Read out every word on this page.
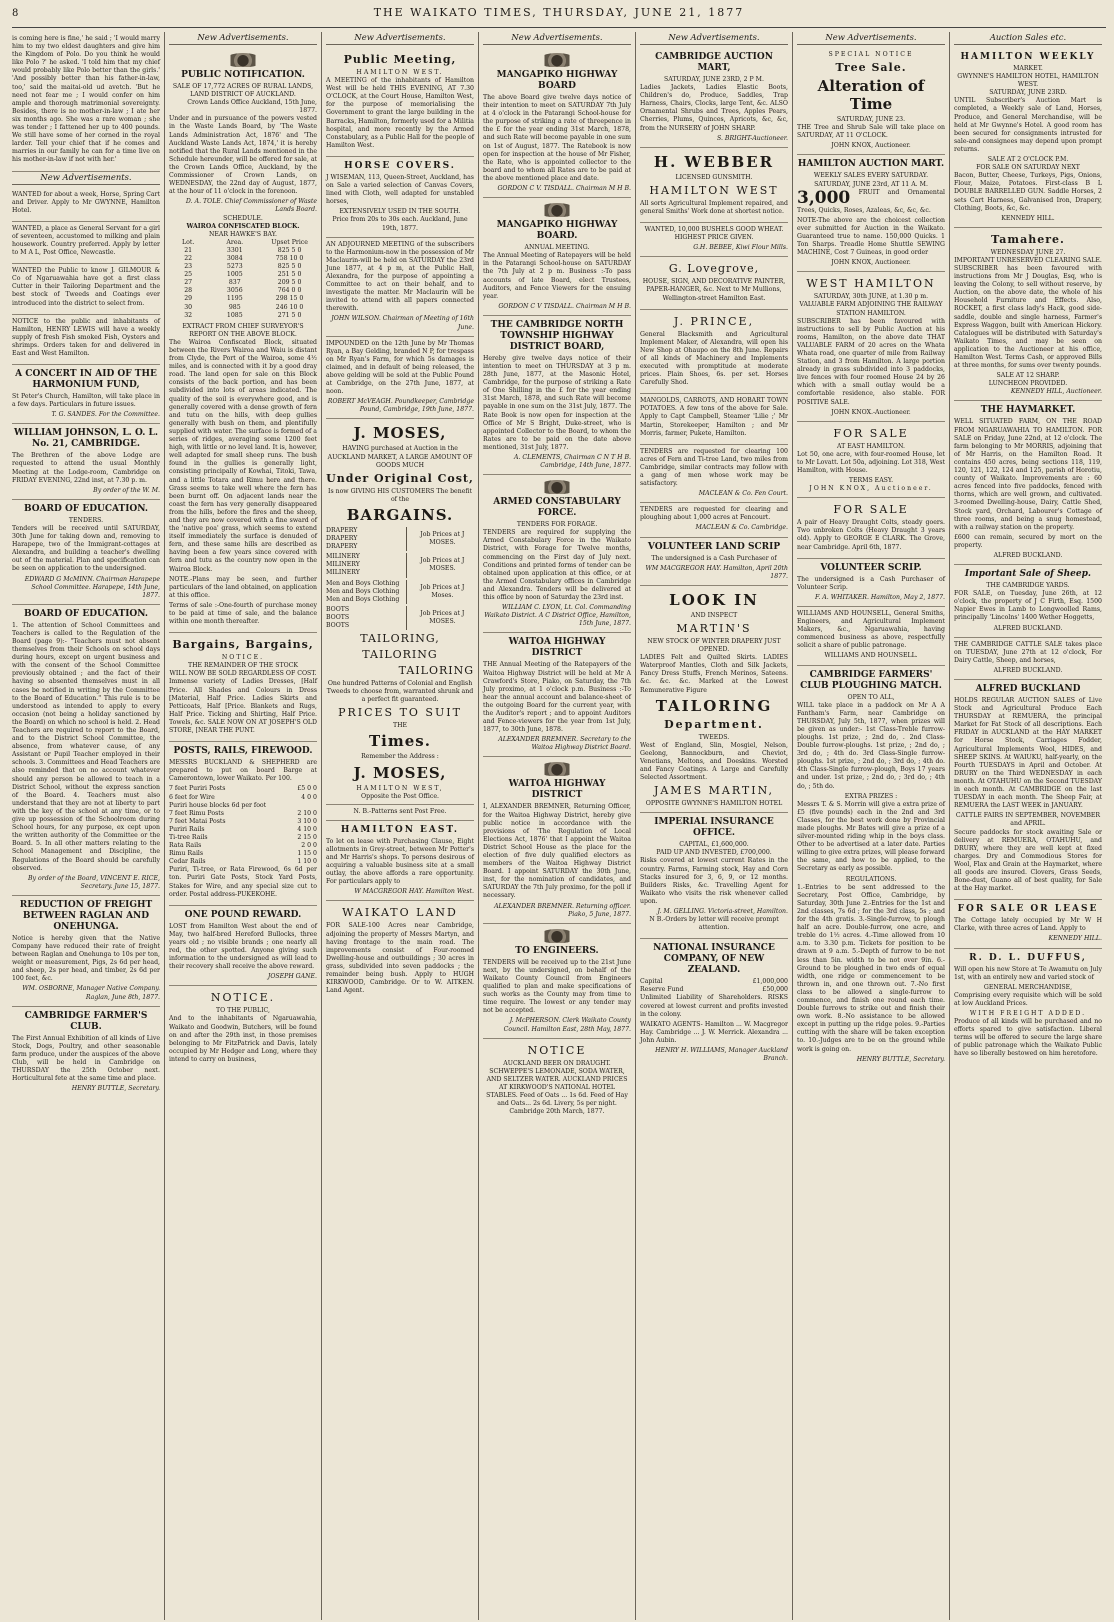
8	THE WAIKATO TIMES, THURSDAY, JUNE 21, 1877

is coming here is fine,' he said ; 'I would marry him to my two eldest daughters and give him the Kingdom of Polo. Do you think he would like Polo ?' he asked. 'I told him that my chief would probably like Polo better than the girls.' 'And possibly better than his father-in-law, too,' said the maitai-old ud avetch. 'But he need not fear me ; I would confer on him ample and thorough matrimonial sovereignty. Besides, there is no mother-in-law ; I ate her six months ago. She was a rare woman ; she was tender ; I fattened her up to 400 pounds. We still have some of her corned in the royal larder. Tell your chief that if he comes and marries in our family he can for a time live on his mother-in-law if not with her.'

New Advertisements.

WANTED for about a week, Horse, Spring Cart and Driver. Apply to Mr GWYNNE, Hamilton Hotel.

WANTED, a place as General Servant for a girl of seventeen, accustomed to milking and plain housework. Country preferred. Apply by letter to M A L, Post Office, Newcastle.

WANTED the Public to know J. GILMOUR & Co of Ngaruawahia have got a first class Cutter in their Tailoring Department and the best stock of Tweeds and Coatings ever introduced into the district to select from.

NOTICE to the public and inhabitants of Hamilton, HENRY LEWIS will have a weekly supply of fresh Fish smoked Fish, Oysters and shrimps. Orders taken for and delivered in East and West Hamilton.

A CONCERT IN AID OF THE HARMONIUM FUND,

St Peter's Church, Hamilton, will take place in a few days. Particulars in future issues.

T. G. SANDES. For the Committee.
WILLIAM JOHNSON, L. O. L. No. 21, CAMBRIDGE.

The Brethren of the above Lodge are requested to attend the usual Monthly Meeting at the Lodge-room, Cambridge on FRIDAY EVENING, 22nd inst, at 7.30 p. m.

By order of the W. M.
BOARD OF EDUCATION.
TENDERS.

Tenders will be received until SATURDAY, 30th June for taking down and, removing to Harapepe, two of the Immigrant-cottages at Alexandra, and building a teacher's dwelling out of the material. Plan and specification can be seen on application to the undersigned.

EDWARD G McMINN. Chairman Harapepe School Committee. Harapepe, 14th June, 1877.
BOARD OF EDUCATION.

1. The attention of School Committees and Teachers is called to the Regulation of the Board (page 9):- "Teachers must not absent themselves from their Schools on school days during hours, except on urgent business and with the consent of the School Committee previously obtained ; and the fact of their having so absented themselves must in all cases be notified in writing by the Committee to the Board of Education." This rule is to be understood as intended to apply to every occasion (not being a holiday sanctioned by the Board) on which no school is held. 2. Head Teachers are required to report to the Board, and to the District School Committee, the absence, from whatever cause, of any Assistant or Pupil Teacher employed in their schools. 3. Committees and Head Teachers are also reminded that on no account whatever should any person be allowed to teach in a District School, without the express sanction of the Board. 4. Teachers must also understand that they are not at liberty to part with the key of the school at any time, or to give up possession of the Schoolroom during School hours, for any purpose, ex cept upon the written authority of the Committee or the Board. 5. In all other matters relating to the School Management and Discipline, the Regulations of the Board should be carefully observed.

By order of the Board, VINCENT E. RICE, Secretary. June 15, 1877.
REDUCTION OF FREIGHT BETWEEN RAGLAN AND ONEHUNGA.

Notice is hereby given that the Native Company have reduced their rate of freight between Raglan and Onehunga to 10s per ton, weight or measurement, Pigs, 2s 6d per head, and sheep, 2s per head, and timber, 2s 6d per 100 feet, &c.

WM. OSBORNE, Manager Native Company. Raglan, June 8th, 1877.
CAMBRIDGE FARMER'S CLUB.

The First Annual Exhibition of all kinds of Live Stock, Dogs, Poultry, and other seasonable farm produce, under the auspices of the above Club, will be held in Cambridge on THURSDAY the 25th October next. Horticultural fete at the same time and place.

HENRY BUTTLE, Secretary.
New Advertisements.
PUBLIC NOTIFICATION.
SALE OF 17,772 ACRES OF RURAL LANDS,
LAND DISTRICT OF AUCKLAND.
Crown Lands Office Auckland, 15th June, 1877.

Under and in pursuance of the powers vested in the Waste Lands Board, by 'The Waste Lands Administration Act, 1876' and 'The Auckland Waste Lands Act, 1874,' it is hereby notified that the Rural Lands mentioned in the Schedule hereunder, will be offered for sale, at the Crown Lands Office, Auckland, by the Commissioner of Crown Lands, on WEDNESDAY, the 22nd day of August, 1877, at the hour of 11 o'clock in the forenoon.

D. A. TOLE. Chief Commissioner of Waste Lands Board.
SCHEDULE.
WAIROA CONFISCATED BLOCK.
NEAR HAWKE'S BAY.
Lot.	Area.	Upset Price
21	3301	825 5 0
22	3084	758 10 0
23	5273	825 5 0
25	1005	251 5 0
27	837	209 5 0
28	3056	764 0 0
29	1195	298 15 0
30	985	246 10 0
32	1085	271 5 0
EXTRACT FROM CHIEF SURVEYOR'S REPORT ON THE ABOVE BLOCK.

The Wairoa Confiscated Block, situated between the Rivers Wairoa and Waiu is distant from Clyde, the Port of the Wairoa, some 4½ miles, and is connected with it by a good dray road. The land open for sale on this Block consists of the back portion, and has been subdivided into lots of areas indicated. The quality of the soil is everywhere good, and is generally covered with a dense growth of fern and tutu on the hills, with deep gullies generally with bush on them, and plentifully supplied with water. The surface is formed of a series of ridges, averaging some 1200 feet high, with little or no level land. It is, however, well adapted for small sheep runs. The bush found in the gullies is generally light, consisting principally of Kowhai, Titoki, Tawa, and a little Totara and Rimu here and there. Grass seems to take well where the fern has been burnt off. On adjacent lands near the coast the fern has very generally disappeared from the hills, before the fires and the sheep, and they are now covered with a fine sward of the 'native poa' grass, which seems to extend itself immediately the surface is denuded of fern, and these same hills are described as having been a few years since covered with fern and tutu as the country now open in the Wairoa Block.

NOTE.-Plans may be seen, and further particulars of the land obtained, on application at this office.

Terms of sale :-One-fourth of purchase money to be paid at time of sale, and the balance within one month thereafter.

Bargains, Bargains,
NOTICE.
THE REMAINDER OF THE STOCK
WILL NOW BE SOLD REGARDLESS OF COST.

Immense variety of Ladies Dresses, [Half Price. All Shades and Colours in Dress [Material, Half Price. Ladies Skirts and Petticoats, Half [Price. Blankets and Rugs, Half Price. Ticking and Shirting, Half Price. Towels, &c. SALE NOW ON AT JOSEPH'S OLD STORE, [NEAR THE PUNT.

POSTS, RAILS, FIREWOOD.

MESSRS BUCKLAND & SHEPHERD are prepared to put on board Barge at Camerontown, lower Waikato. Per 100.

7 feet Puriri Posts	£5 0 0
6 feet for Wire	4 0 0
Puriri house blocks 6d per foot
7 feet Rimu Posts	2 10 0
7 feet Matai Posts	3 10 0
Puriri Rails	4 10 0
Ti-tree Rails	2 15 0
Rata Rails	2 0 0
Rimu Rails	1 15 0
Cedar Rails	1 10 0

Puriri, Ti-tree, or Rata Firewood, 6s 6d per ton. Puriri Gate Posts, Stock Yard Posts, Stakes for Wire, and any special size cut to order. Postal address-PUKEKOHE.

ONE POUND REWARD.

LOST from Hamilton West about the end of May, two half-bred Hereford Bullocks, three years old ; no visible brands ; one nearly all red, the other spotted. Anyone giving such information to the undersigned as will lead to their recovery shall receive the above reward.

JOSEPH GANE.
NOTICE.
TO THE PUBLIC,

And to the inhabitants of Ngaruawahia, Waikato and Goodwin, Butchers, will be found on and after the 29th inst, in those premises belonging to Mr FitzPatrick and Davis, lately occupied by Mr Hedger and Long, where they intend to carry on business,

New Advertisements.
Public Meeting,
HAMILTON WEST.

A MEETING of the inhabitants of Hamilton West will be held THIS EVENING, AT 7.30 O'CLOCK, at the Court House, Hamilton West, for the purpose of memorialising the Government to grant the large building in the Barracks, Hamilton, formerly used for a Militia hospital, and more recently by the Armed Constabulary, as a Public Hall for the people of Hamilton West.

HORSE COVERS.

J WISEMAN, 113, Queen-Street, Auckland, has on Sale a varied selection of Canvas Covers, lined with Cloth, well adapted for unstabled horses,

EXTENSIVELY USED IN THE SOUTH.
Price from 20s to 30s each. Auckland, June 19th, 1877.

AN ADJOURNED MEETING of the subscribers to the Harmonium-now in the possession of Mr Maclaurin-will be held on SATURDAY the 23rd June 1877, at 4 p m, at the Public Hall, Alexandra, for the purpose of appointing a Committee to act on their behalf, and to investigate the matter. Mr Maclaurin will be invited to attend with all papers connected therewith.

JOHN WILSON. Chairman of Meeting of 16th June.

IMPOUNDED on the 12th June by Mr Thomas Ryan, a Bay Gelding, branded N P, for trespass on Mr Ryan's Farm, for which 5s damages is claimed, and in default of being released, the above gelding will be sold at the Public Pound at Cambridge, on the 27th June, 1877, at noon.

ROBERT McVEAGH. Poundkeeper, Cambridge Pound, Cambridge, 19th June, 1877.
J. MOSES,

HAVING purchased at Auction in the AUCKLAND MARKET, A LARGE AMOUNT OF GOODS MUCH

Under Original Cost,

Is now GIVING HIS CUSTOMERS The benefit of the

BARGAINS.
DRAPERY
DRAPERY
DRAPERY
Job Prices at J MOSES.
MILINERY
MILINERY
MILINERY
Job Prices at J MOSES.
Men and Boys Clothing
Men and Boys Clothing
Men and Boys Clothing
Job Prices at J Moses.
BOOTS
BOOTS
BOOTS
Job Prices at J MOSES.
TAILORING,
TAILORING
TAILORING

One hundred Patterns of Colonial and English Tweeds to choose from, warranted shrunk and a perfect fit guaranteed.

PRICES TO SUIT
THE
Times.
Remember the Address :
J. MOSES,
HAMILTON WEST,
Opposite the Post Office.
N. B.-Patterns sent Post Free.
HAMILTON EAST.

To let on lease with Purchasing Clause, Eight allotments in Grey-street, between Mr Potter's and Mr Harris's shops. To persons desirous of acquiring a valuable business site at a small outlay, the above affords a rare opportunity. For particulars apply to

W MACGREGOR HAY. Hamilton West.
WAIKATO LAND

FOR SALE-100 Acres near Cambridge, adjoining the property of Messrs Martyn, and having frontage to the main road. The improvements consist of Four-roomed Dwelling-house and outbuildings ; 30 acres in grass, subdivided into seven paddocks ; the remainder being bush. Apply to HUGH KIRKWOOD, Cambridge. Or to W. AITKEN. Land Agent.

New Advertisements.
MANGAPIKO HIGHWAY BOARD

The above Board give twelve days notice of their intention to meet on SATURDAY 7th July at 4 o'clock in the Patarangi School-house for the purpose of striking a rate of threepence in the £ for the year ending 31st March, 1878, and such Rate will become payable in one sum on 1st of August, 1877. The Ratebook is now open for inspection at the house of Mr Fisher, the Rate, who is appointed collector to the board and to whom all Rates are to be paid at the above mentioned place and date.

GORDON C V. TISDALL. Chairman M H B.
MANGAPIKO HIGHWAY BOARD.
ANNUAL MEETING.

The Annual Meeting of Ratepayers will be held in the Patarangi School-house on SATURDAY the 7th July at 2 p m. Business :-To pass accounts of late Board, elect Trustees, Auditors, and Fence Viewers for the ensuing year.

GORDON C V TISDALL. Chairman M H B.
THE CAMBRIDGE NORTH TOWNSHIP HIGHWAY DISTRICT BOARD,

Hereby give twelve days notice of their intention to meet on THURSDAY at 3 p m. 28th June, 1877, at the Masonic Hotel, Cambridge, for the purpose of striking a Rate of One Shilling in the £ for the year ending 31st March, 1878, and such Rate will become payable in one sum on the 31st July, 1877. The Rate Book is now open for inspection at the Office of Mr S Bright, Duke-street, who is appointed Collector to the Board, to whom the Rates are to be paid on the date above mentioned, 31st July, 1877.

A. CLEMENTS, Chairman C N T H B. Cambridge, 14th June, 1877.
ARMED CONSTABULARY FORCE.
TENDERS FOR FORAGE.

TENDERS are required for supplying the Armed Constabulary Force in the Waikato District, with Forage for Twelve months, commencing on the First day of July next. Conditions and printed forms of tender can be obtained upon application at this office, or at the Armed Constabulary offices in Cambridge and Alexandra. Tenders will be delivered at this office by noon of Saturday the 23rd inst.

WILLIAM C. LYON, Lt. Col. Commanding Waikato District. A C District Office, Hamilton, 15th June, 1877.
WAITOA HIGHWAY DISTRICT

THE Annual Meeting of the Ratepayers of the Waitoa Highway District will be held at Mr A Crawford's Store, Piako, on Saturday, the 7th July proximo, at 1 o'clock p.m. Business :-To hear the annual account and balance-sheet of the outgoing Board for the current year, with the Auditor's report ; and to appoint Auditors and Fence-viewers for the year from 1st July, 1877, to 30th June, 1878.

ALEXANDER BREMNER. Secretary to the Waitoa Highway District Board.
WAITOA HIGHWAY DISTRICT

I, ALEXANDER BREMNER, Returning Officer, for the Waitoa Highway District, hereby give public notice in accordance with the provisions of 'The Regulation of Local Elections Act, 1876' that I appoint the Waitoa District School House as the place for the election of five duly qualified electors as members of the Waitoa Highway District Board. I appoint SATURDAY the 30th June, inst, for the nomination of candidates, and SATURDAY the 7th July proximo, for the poll if necessary.

ALEXANDER BREMNER. Returning officer. Piako, 5 June, 1877.
TO ENGINEERS.

TENDERS will be received up to the 21st June next, by the undersigned, on behalf of the Waikato County Council from Engineers qualified to plan and make specifications of such works as the County may from time to time require. The lowest or any tender may not be accepted.

J. McPHERSON. Clerk Waikato County Council. Hamilton East, 28th May, 1877.
NOTICE

AUCKLAND BEER ON DRAUGHT. SCHWEPPE'S LEMONADE, SODA WATER, AND SELTZER WATER. AUCKLAND PRICES AT KIRKWOOD'S NATIONAL HOTEL STABLES. Feed of Oats ... 1s 6d. Feed of Hay and Oats... 2s 6d. Livery, 5s per night. Cambridge 20th March, 1877.

New Advertisements.
CAMBRIDGE AUCTION MART,
SATURDAY, JUNE 23RD, 2 P M.

Ladies Jackets, Ladies Elastic Boots, Children's do, Produce, Saddles, Trap Harness, Chairs, Clocks, large Tent, &c. ALSO Ornamental Shrubs and Trees, Apples Pears, Cherries, Plums, Quinces, Apricots, &c, &c, from the NURSERY of JOHN SHARP.

S. BRIGHT-Auctioneer.
H. WEBBER
LICENSED GUNSMITH.
HAMILTON WEST

All sorts Agricultural Implement repaired, and general Smiths' Work done at shortest notice.

WANTED, 10,000 BUSHELS GOOD WHEAT. HIGHEST PRICE GIVEN.

G.H. BEBEE, Kiwi Flour Mills.
G. Lovegrove,

HOUSE, SIGN, AND DECORATIVE PAINTER, PAPER-HANGER, &c. Next to Mr Mullions, Wellington-street Hamilton East.

J. PRINCE,

General Blacksmith and Agricultural Implement Maker, of Alexandra, will open his New Shop at Ohaupo on the 8th June. Repairs of all kinds of Machinery and Implements executed with promptitude at moderate prices. Plain Shoes, 6s. per set. Horses Carefully Shod.

MANGOLDS, CARROTS, AND HOBART TOWN POTATOES. A few tons of the above for Sale. Apply to Capt Campbell, Steamer 'Lilie ;' Mr Martin, Storekeeper, Hamilton ; and Mr Morris, farmer, Pukete, Hamilton.

TENDERS are requested for clearing 100 acres of Fern and Ti-tree Land, two miles from Cambridge, similar contracts may follow with a gang of men whose work may be satisfactory.

MACLEAN & Co. Fen Court.

TENDERS are requested for clearing and ploughing about 1,000 acres at Fencourt.

MACLEAN & Co. Cambridge.
VOLUNTEER LAND SCRIP

The undersigned is a Cash Purchaser of

WM MACGREGOR HAY. Hamilton, April 20th 1877.
LOOK IN
AND INSPECT
MARTIN'S
NEW STOCK OF WINTER DRAPERY JUST OPENED.

LADIES Felt and Quilted Skirts. LADIES Waterproof Mantles, Cloth and Silk Jackets, Fancy Dress Stuffs, French Merinos, Sateens. &c. &c. &c. Marked at the Lowest Remunerative Figure

TAILORING
Department.
TWEEDS.

West of England, Slin, Mosgiel, Nelson, Geelong, Bannockburn, and Cheviot, Venetians, Meltons, and Doeskins. Worsted and Fancy Coatings. A Large and Carefully Selected Assortment.

JAMES MARTIN,
OPPOSITE GWYNNE'S HAMILTON HOTEL
IMPERIAL INSURANCE OFFICE.
CAPITAL, £1,600,000.
PAID UP AND INVESTED, £700,000.

Risks covered at lowest current Rates in the country. Farms, Farming stock, Hay and Corn Stacks insured for 3, 6, 9, or 12 months. Builders Risks, &c. Travelling Agent for Waikato who visits the risk whenever called upon.

J. M. GELLING. Victoria-street, Hamilton.

N B.-Orders by letter will receive prompt attention.

NATIONAL INSURANCE COMPANY, OF NEW ZEALAND.
Capital	£1,000,000
Reserve Fund	£50,000

Unlimited Liability of Shareholders. RISKS covered at lowest current and profits invested in the colony.

WAIKATO AGENTS- Hamilton ... W. Macgregor Hay. Cambridge ... J. W. Merrick. Alexandra ... John Aubin.

HENRY H. WILLIAMS, Manager Auckland Branch.
New Advertisements.
SPECIAL NOTICE
Tree Sale.
Alteration of Time
SATURDAY, JUNE 23.

THE Tree and Shrub Sale will take place on SATURDAY, AT 11 O'CLOCK.

JOHN KNOX, Auctioneer.
HAMILTON AUCTION MART.
WEEKLY SALES EVERY SATURDAY.
SATURDAY, JUNE 23rd, AT 11 A. M.

3,000 FRUIT and Ornamental Trees, Quicks, Roses, Azaleas, &c, &c, &c.

NOTE-The above are the choicest collection ever submitted for Auction in the Waikato. Guaranteed true to name. 150,000 Quicks. 1 Ton Sharps. Treadle Home Shuttle SEWING MACHINE, Cost 7 Guineas, in good order

JOHN KNOX, Auctioneer.
WEST HAMILTON
SATURDAY, 30th JUNE, at 1.30 p m.
VALUABLE FARM ADJOINING THE RAILWAY STATION HAMILTON.

SUBSCRIBER has been favoured with instructions to sell by Public Auction at his rooms, Hamilton, on the above date THAT VALUABLE FARM of 20 acres on the Whata Whata road, one quarter of mile from Railway Station, and 3 from Hamilton. A large portion already in grass subdivided into 3 paddocks, live fences with four roomed House 24 by 26 which with a small outlay would be a comfortable residence, also stable. FOR POSITIVE SALE.

JOHN KNOX.-Auctioneer.
FOR SALE
AT EAST HAMILTON.

Lot 50, one acre, with four-roomed House, let to Mr Lovatt. Lot 50a, adjoining. Lot 318, West Hamilton, with House.

TERMS EASY.
JOHN KNOX, Auctioneer.
FOR SALE

A pair of Heavy Draught Colts, steady goers. Two unbroken Colts (Heavy Draught 3 years old). Apply to GEORGE E CLARK. The Grove, near Cambridge. April 6th, 1877.

VOLUNTEER SCRIP.

The undersigned is a Cash Purchaser of Volunteer Scrip.

F. A. WHITAKER. Hamilton, May 2, 1877.

WILLIAMS AND HOUNSELL, General Smiths, Engineers, and Agricultural Implement Makers, &c., Ngaruawahia, having commenced business as above, respectfully solicit a share of public patronage.

WILLIAMS AND HOUNSELL.
CAMBRIDGE FARMERS' CLUB PLOUGHING MATCH.
OPEN TO ALL,

WILL take place in a paddock on Mr A A Fantham's Farm, near Cambridge on THURSDAY, July 5th, 1877, when prizes will be given as under:- 1st Class-Treble furrow-ploughs. 1st prize, ; 2nd do, . 2nd Class-Double furrow-ploughs. 1st prize, ; 2nd do, ; 3rd do, ; 4th do. 3rd Class-Single furrow-ploughs. 1st prize, ; 2nd do, ; 3rd do, ; 4th do. 4th Class-Single furrow-plough, Boys 17 years and under. 1st prize, ; 2nd do, ; 3rd do, ; 4th do, ; 5th do.

EXTRA PRIZES :

Messrs T. & S. Morrin will give a extra prize of £5 (five pounds) each in the 2nd and 3rd Classes, for the best work done by Provincial made ploughs. Mr Bates will give a prize of a silver-mounted riding whip in the boys class. Other to be advertised at a later date. Parties willing to give extra prizes, will please forward the same, and how to be applied, to the Secretary as early as possible.

REGULATIONS.

1.-Entries to be sent addressed to the Secretary, Post Office, Cambridge, by Saturday, 30th June 2.-Entries for the 1st and 2nd classes, 7s 6d ; for the 3rd class, 5s ; and for the 4th gratis. 3.-Single-furrow, to plough half an acre. Double-furrow, one acre, and treble do 1½ acres. 4.-Time allowed from 10 a.m. to 3.30 p.m. Tickets for position to be drawn at 9 a.m. 5.-Depth of furrow to be not less than 5in. width to be not over 9in. 6.-Ground to be ploughed in two ends of equal width, one ridge or commencement to be thrown in, and one thrown out. 7.-No first class to be allowed a single-furrow to commence, and finish one round each time. Double furrows to strike out and finish their own work. 8.-No assistance to be allowed except in putting up the ridge poles. 9.-Parties cutting with the share will be taken exception to. 10.-Judges are to be on the ground while work is going on.

HENRY BUTTLE, Secretary.
Auction Sales etc.
HAMILTON WEEKLY
MARKET.
GWYNNE'S HAMILTON HOTEL, HAMILTON WEST.
SATURDAY, JUNE 23RD.

UNTIL Subscriber's Auction Mart is completed, a Weekly sale of Land, Horses, Produce, and General Merchandise, will be held at Mr Gwynne's Hotel. A good room has been secured for consignments intrusted for sale-and consignees may depend upon prompt returns.

SALE AT 2 O'CLOCK P.M.
FOR SALE ON SATURDAY NEXT

Bacon, Butter, Cheese, Turkeys, Pigs, Onions, Flour, Maize, Potatoes. First-class B L DOUBLE BARRELLED GUN. Saddle Horses, 2 sets Cart Harness, Galvanised Iron, Drapery, Clothing, Boots, &c, &c.

KENNEDY HILL.
Tamahere.
WEDNESDAY JUNE 27.
IMPORTANT UNRESERVED CLEARING SALE.

SUBSCRIBER has been favoured with instructions from Mr J Douglas, Esq, who is leaving the Colony, to sell without reserve, by Auction, on the above date, the whole of his Household Furniture and Effects. Also, ROCKET, a first class lady's Hack, good side-saddle, double and single harness, Farmer's Express Waggon, built with American Hickory. Catalogues will be distributed with Saturday's Waikato Times, and may be seen on application to the Auctioneer at his office, Hamilton West. Terms Cash, or approved Bills at three months, for sums over twenty pounds.

SALE AT 12 SHARP.
LUNCHEON PROVIDED.
KENNEDY HILL, Auctioneer.
THE HAYMARKET.

WELL SITUATED FARM, ON THE ROAD FROM NGARUAWAHIA TO HAMILTON. FOR SALE on Friday, June 22nd, at 12 o'clock. The farm belonging to Mr MORRIS, adjoining that of Mr Harris, on the Hamilton Road. It contains 450 acres, being sections 118, 119, 120, 121, 122, 124 and 125, parish of Horotiu, county of Waikato. Improvements are : 60 acres fenced into five paddocks, fenced with thorns, which are well grown, and cultivated. 3-roomed Dwelling-house, Dairy, Cattle Shed, Stock yard, Orchard, Labourer's Cottage of three rooms, and being a snug homestead, with a railway station on the property.

£600 can remain, secured by mort on the property.

ALFRED BUCKLAND.
Important Sale of Sheep.
THE CAMBRIDGE YARDS.

FOR SALE, on Tuesday, June 26th, at 12 o'clock, the property of J C Firth, Esq. 1500 Napier Ewes in Lamb to Longwoolled Rams, principally 'Lincolns' 1400 Wether Hoggetts,

ALFRED BUCKLAND.

THE CAMBRIDGE CATTLE SALE takes place on TUESDAY, June 27th at 12 o'clock, For Dairy Cattle, Sheep, and horses,

ALFRED BUCKLAND.
ALFRED BUCKLAND

HOLDS REGULAR AUCTION SALES of Live Stock and Agricultural Produce Each THURSDAY at REMUERA, the principal Market for Fat Stock of all descriptions. Each FRIDAY in AUCKLAND at the HAY MARKET for Horse Stock, Carriages Fodder, Agricultural Implements Wool, HIDES, and SHEEP SKINS. At WAIUKU, half-yearly, on the Fourth TUESDAYS in April and October. At DRURY on the Third WEDNESDAY in each month. At OTAHUHU on the Second TUESDAY in each month. At CAMBRIDGE on the last TUESDAY in each month. The Sheep Fair, at REMUERA the LAST WEEK in JANUARY.

CATTLE FAIRS IN SEPTEMBER, NOVEMBER and APRIL.

Secure paddocks for stock awaiting Sale or delivery at REMUERA, OTAHUHU, and DRURY, where they are well kept at fixed charges. Dry and Commodious Stores for Wool, Flax and Grain at the Haymarket, where all goods are insured. Clovers, Grass Seeds, Bone-dust, Guano all of best quality, for Sale at the Hay market.

FOR SALE OR LEASE

The Cottage lately occupied by Mr W H Clarke, with three acres of Land. Apply to

KENNEDY HILL.
R. D. L. DUFFUS,

Will open his new Store at Te Awamutu on July 1st, with an entirely new and varied stock of

GENERAL MERCHANDISE,

Comprising every requisite which will be sold at low Auckland Prices.

WITH FREIGHT ADDED.

Produce of all kinds will be purchased and no efforts spared to give satisfaction. Liberal terms will be offered to secure the large share of public patronage which the Waikato Public have so liberally bestowed on him heretofore.
